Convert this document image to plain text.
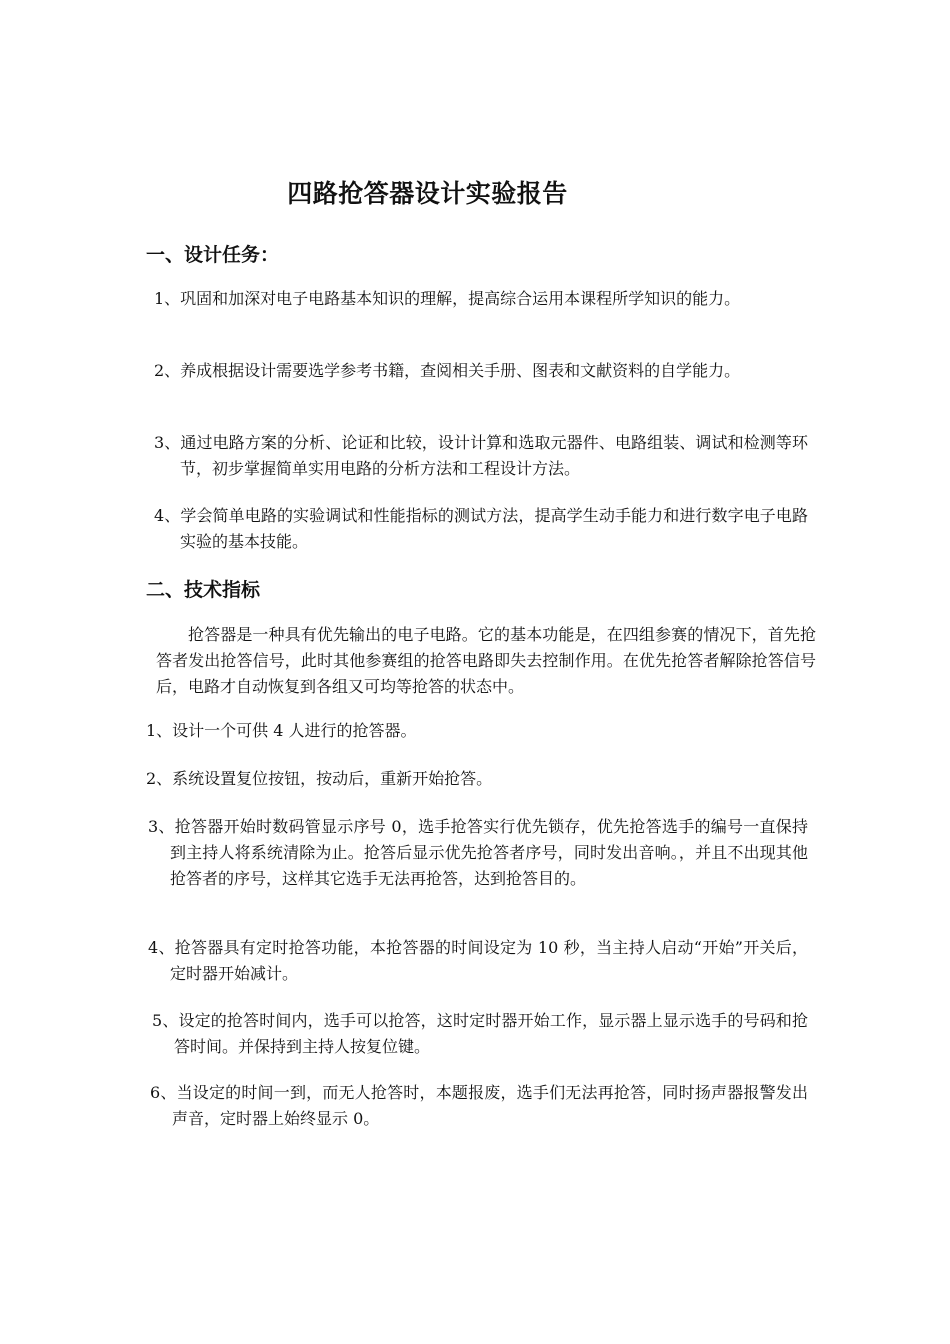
四路抢答器设计实验报告
一、设计任务：
1、巩固和加深对电子电路基本知识的理解，提高综合运用本课程所学知识的能力。
2、养成根据设计需要选学参考书籍，查阅相关手册、图表和文献资料的自学能力。
3、通过电路方案的分析、论证和比较，设计计算和选取元器件、电路组装、调试和检测等环节，初步掌握简单实用电路的分析方法和工程设计方法。
4、学会简单电路的实验调试和性能指标的测试方法，提高学生动手能力和进行数字电子电路实验的基本技能。
二、技术指标
抢答器是一种具有优先输出的电子电路。它的基本功能是，在四组参赛的情况下，首先抢答者发出抢答信号，此时其他参赛组的抢答电路即失去控制作用。在优先抢答者解除抢答信号后，电路才自动恢复到各组又可均等抢答的状态中。
1、设计一个可供 4 人进行的抢答器。
2、系统设置复位按钮，按动后，重新开始抢答。
3、抢答器开始时数码管显示序号 0，选手抢答实行优先锁存，优先抢答选手的编号一直保持到主持人将系统清除为止。抢答后显示优先抢答者序号，同时发出音响。，并且不出现其他抢答者的序号，这样其它选手无法再抢答，达到抢答目的。
4、抢答器具有定时抢答功能，本抢答器的时间设定为 10 秒，当主持人启动“开始”开关后，定时器开始减计。
5、设定的抢答时间内，选手可以抢答，这时定时器开始工作，显示器上显示选手的号码和抢答时间。并保持到主持人按复位键。
6、当设定的时间一到，而无人抢答时，本题报废，选手们无法再抢答，同时扬声器报警发出声音，定时器上始终显示 0。
